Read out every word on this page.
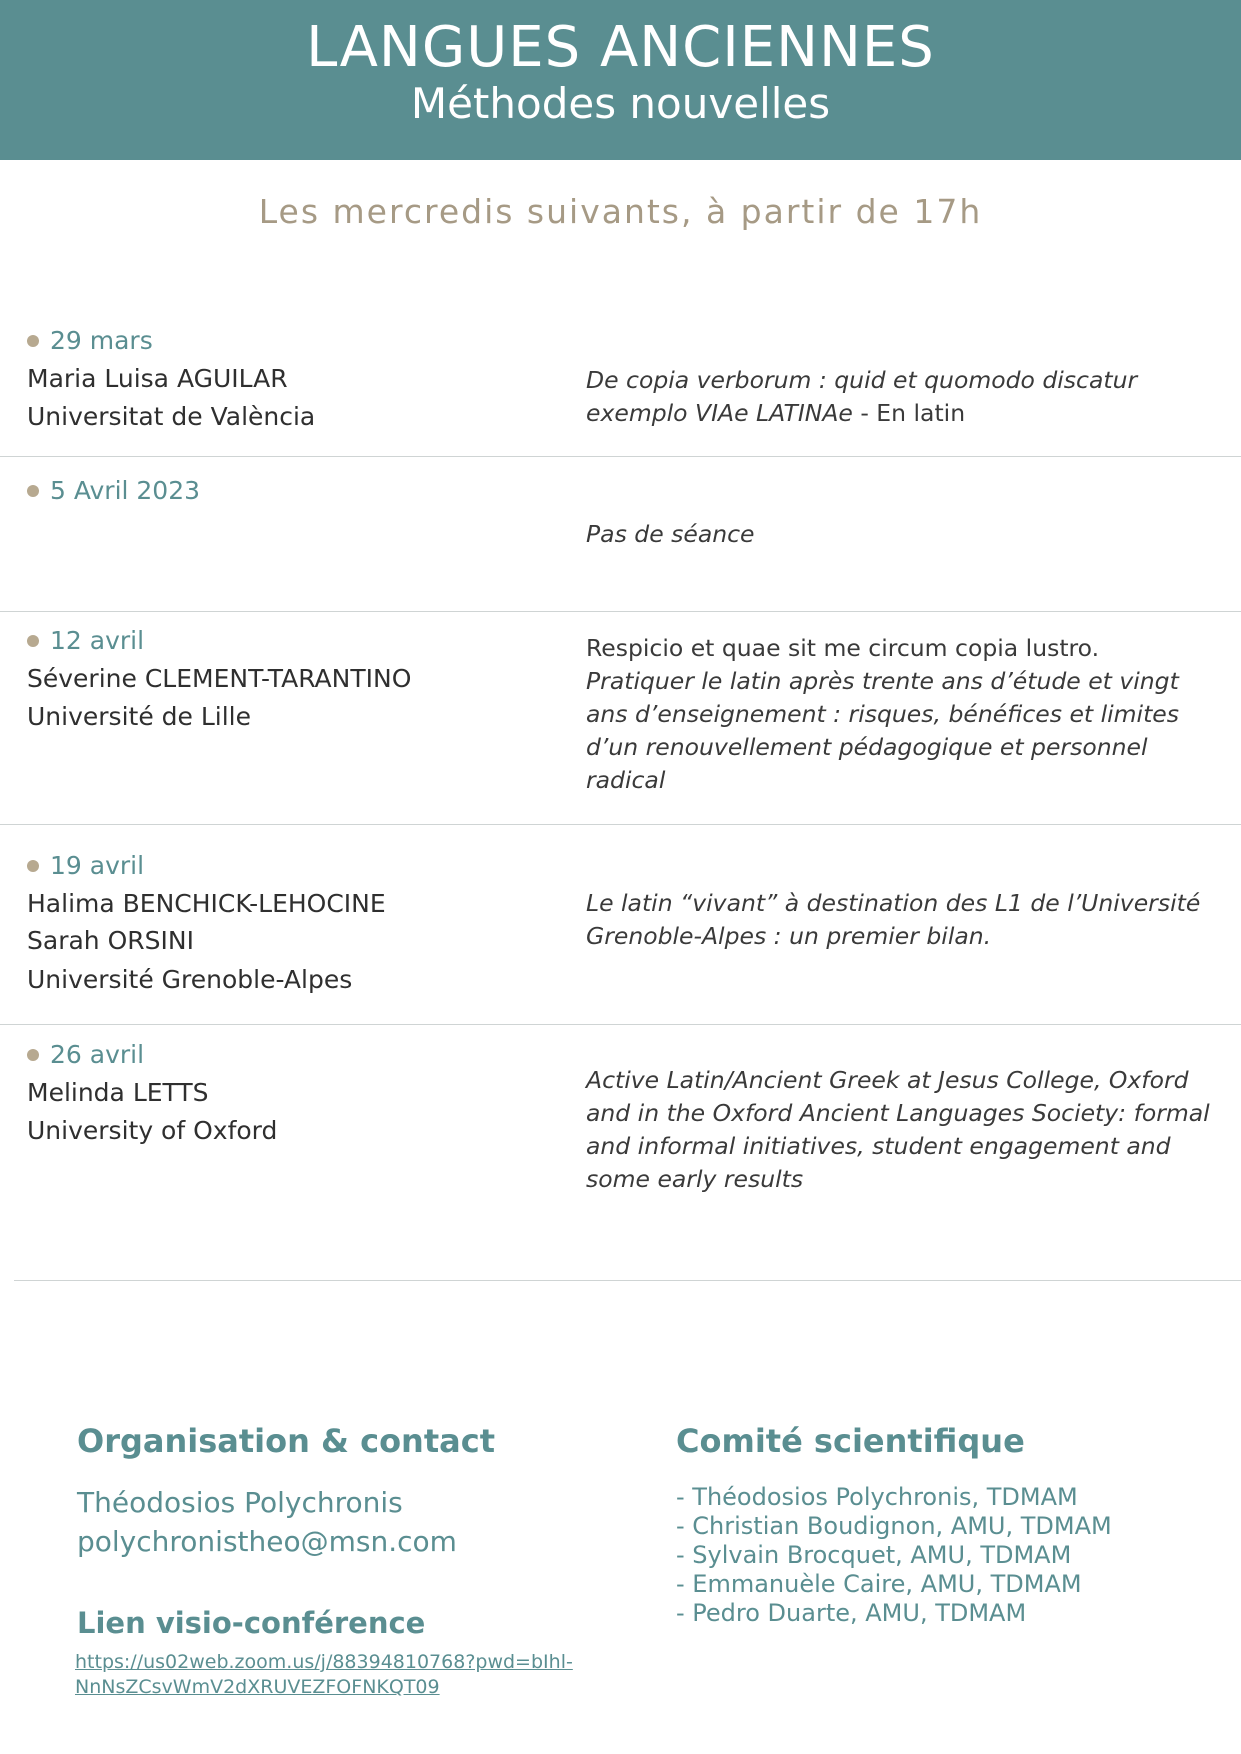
LANGUES ANCIENNES
Méthodes nouvelles
Les mercredis suivants, à partir de 17h
29 mars
Maria Luisa AGUILAR
Universitat de València
De copia verborum : quid et quomodo discatur exemplo VIAe LATINAe - En latin
5 Avril 2023
Pas de séance
12 avril
Séverine CLEMENT-TARANTINO
Université de Lille
Respicio et quae sit me circum copia lustro.
Pratiquer le latin après trente ans d’étude et vingt ans d’enseignement : risques, bénéfices et limites d’un renouvellement pédagogique et personnel radical
19 avril
Halima BENCHICK-LEHOCINE
Sarah ORSINI
Université Grenoble-Alpes
Le latin “vivant” à destination des L1 de l’Université Grenoble-Alpes : un premier bilan.
26 avril
Melinda LETTS
University of Oxford
Active Latin/Ancient Greek at Jesus College, Oxford and in the Oxford Ancient Languages Society: formal and informal initiatives, student engagement and some early results
Organisation & contact
Théodosios Polychronis
polychronistheo@msn.com
Lien visio-conférence
https://us02web.zoom.us/j/88394810768?pwd=bIhl-
NnNsZCsvWmV2dXRUVEZFOFNKQT09
Comité scientifique
- Théodosios Polychronis, TDMAM
- Christian Boudignon, AMU, TDMAM
- Sylvain Brocquet, AMU, TDMAM
- Emmanuèle Caire, AMU, TDMAM
- Pedro Duarte, AMU, TDMAM
